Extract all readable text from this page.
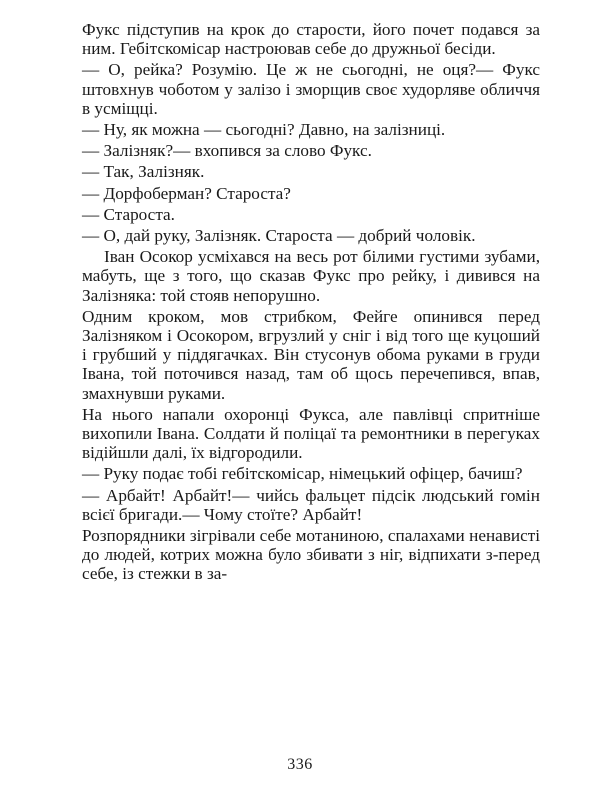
Фукс підступив на крок до старости, його почет подався за ним. Гебітскомісар настроював себе до дружньої бесіди.

— О, рейка? Розумію. Це ж не сьогодні, не оця?— Фукс штовхнув чоботом у залізо і зморщив своє худорляве обличчя в усміщці.

— Ну, як можна — сьогодні? Давно, на залізниці.

— Залізняк?— вхопився за слово Фукс.

— Так, Залізняк.

— Дорфоберман? Староста?

— Староста.

— О, дай руку, Залізняк. Староста — добрий чоловік.

Іван Осокор усміхався на весь рот білими густими зубами, мабуть, ще з того, що сказав Фукс про рейку, і дивився на Залізняка: той стояв непорушно.

Одним кроком, мов стрибком, Фейге опинився перед Залізняком і Осокором, вгрузлий у сніг і від того ще куцоший і грубший у піддягачках. Він стусонув обома руками в груди Івана, той поточився назад, там об щось перечепився, впав, змахнувши руками.

На нього напали охоронці Фукса, але павлівці спритніше вихопили Івана. Солдати й поліцаї та ремонтники в перегуках відійшли далі, їх відгородили.

— Руку подає тобі гебітскомісар, німецький офіцер, бачиш?

— Арбайт! Арбайт!— чийсь фальцет підсік людський гомін всієї бригади.— Чому стоїте? Арбайт!

Розпорядники зігрівали себе мотаниною, спалахами ненависті до людей, котрих можна було збивати з ніг, відпихати з-перед себе, із стежки в за-

336
